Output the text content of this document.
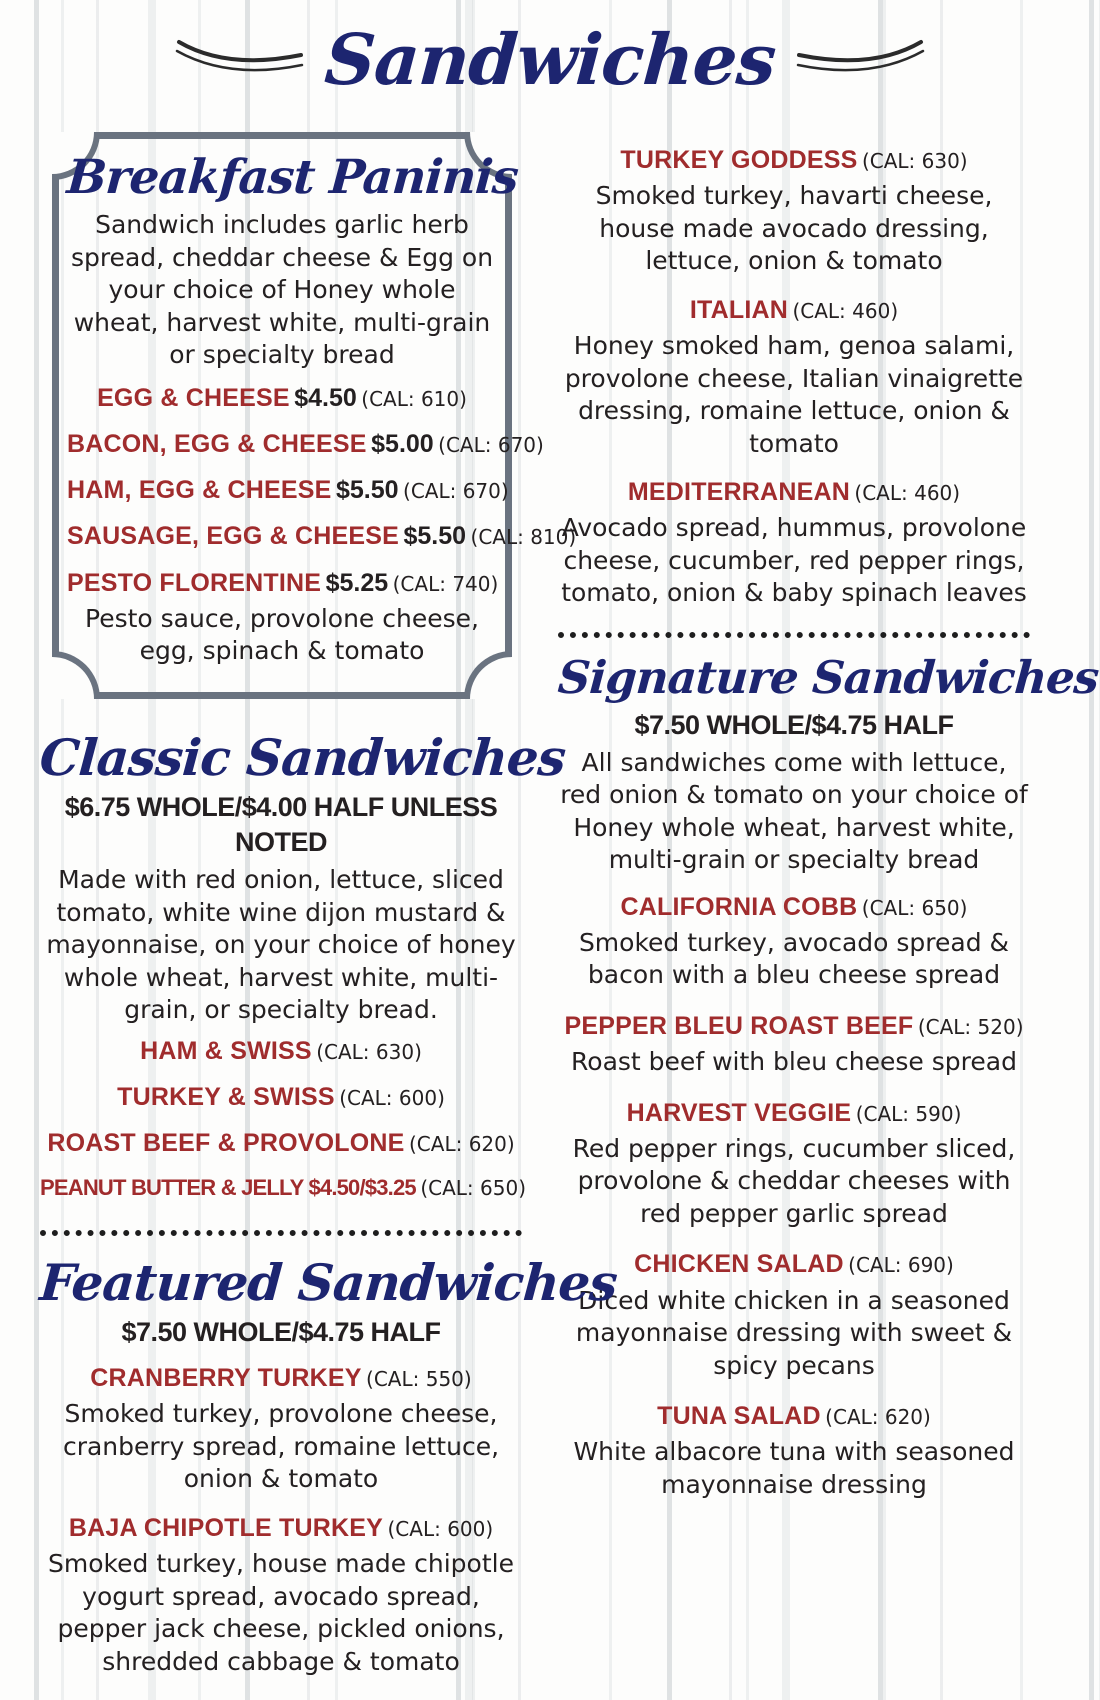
Sandwiches
Breakfast Paninis
Sandwich includes garlic herb spread, cheddar cheese & Egg on your choice of Honey whole wheat, harvest white, multi-grain or specialty bread
EGG & CHEESE $4.50 (CAL: 610)
BACON, EGG & CHEESE $5.00 (CAL: 670)
HAM, EGG & CHEESE $5.50 (CAL: 670)
SAUSAGE, EGG & CHEESE $5.50 (CAL: 810)
PESTO FLORENTINE $5.25 (CAL: 740)
Pesto sauce, provolone cheese, egg, spinach & tomato
Classic Sandwiches
$6.75 WHOLE/$4.00 HALF UNLESS NOTED
Made with red onion, lettuce, sliced tomato, white wine dijon mustard & mayonnaise, on your choice of honey whole wheat, harvest white, multi-grain, or specialty bread.
HAM & SWISS (CAL: 630)
TURKEY & SWISS (CAL: 600)
ROAST BEEF & PROVOLONE (CAL: 620)
PEANUT BUTTER & JELLY $4.50/$3.25 (CAL: 650)
Featured Sandwiches
$7.50 WHOLE/$4.75 HALF
CRANBERRY TURKEY (CAL: 550)
Smoked turkey, provolone cheese, cranberry spread, romaine lettuce, onion & tomato
BAJA CHIPOTLE TURKEY (CAL: 600)
Smoked turkey, house made chipotle yogurt spread, avocado spread, pepper jack cheese, pickled onions, shredded cabbage & tomato
TURKEY GODDESS (CAL: 630)
Smoked turkey, havarti cheese, house made avocado dressing, lettuce, onion & tomato
ITALIAN (CAL: 460)
Honey smoked ham, genoa salami, provolone cheese, Italian vinaigrette dressing, romaine lettuce, onion & tomato
MEDITERRANEAN (CAL: 460)
Avocado spread, hummus, provolone cheese, cucumber, red pepper rings, tomato, onion & baby spinach leaves
Signature Sandwiches
$7.50 WHOLE/$4.75 HALF
All sandwiches come with lettuce, red onion & tomato on your choice of Honey whole wheat, harvest white, multi-grain or specialty bread
CALIFORNIA COBB (CAL: 650)
Smoked turkey, avocado spread & bacon with a bleu cheese spread
PEPPER BLEU ROAST BEEF (CAL: 520)
Roast beef with bleu cheese spread
HARVEST VEGGIE (CAL: 590)
Red pepper rings, cucumber sliced, provolone & cheddar cheeses with red pepper garlic spread
CHICKEN SALAD (CAL: 690)
Diced white chicken in a seasoned mayonnaise dressing with sweet & spicy pecans
TUNA SALAD (CAL: 620)
White albacore tuna with seasoned mayonnaise dressing
